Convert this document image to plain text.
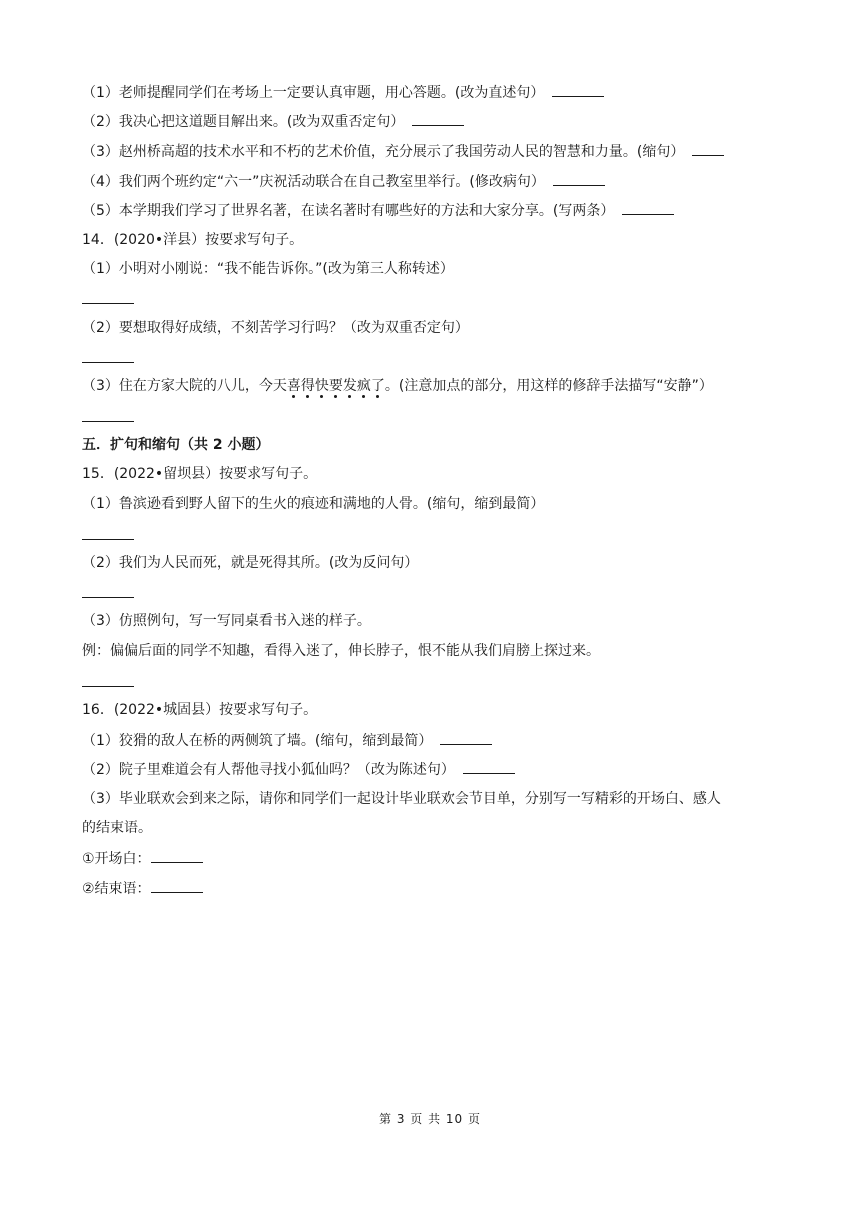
（1）老师提醒同学们在考场上一定要认真审题，用心答题。(改为直述句）
（2）我决心把这道题目解出来。(改为双重否定句）
（3）赵州桥高超的技术水平和不朽的艺术价值，充分展示了我国劳动人民的智慧和力量。(缩句）
（4）我们两个班约定“六一”庆祝活动联合在自己教室里举行。(修改病句）
（5）本学期我们学习了世界名著，在读名著时有哪些好的方法和大家分享。(写两条）
14．(2020•洋县）按要求写句子。
（1）小明对小刚说：“我不能告诉你。”(改为第三人称转述）
（2）要想取得好成绩，不刻苦学习行吗？（改为双重否定句）
（3）住在方家大院的八儿，今天喜得快要发疯了。(注意加点的部分，用这样的修辞手法描写“安静”）
五．扩句和缩句（共 2 小题）
15．(2022•留坝县）按要求写句子。
（1）鲁滨逊看到野人留下的生火的痕迹和满地的人骨。(缩句，缩到最简）
（2）我们为人民而死，就是死得其所。(改为反问句）
（3）仿照例句，写一写同桌看书入迷的样子。
例：偏偏后面的同学不知趣，看得入迷了，伸长脖子，恨不能从我们肩膀上探过来。
16．(2022•城固县）按要求写句子。
（1）狡猾的敌人在桥的两侧筑了墙。(缩句，缩到最简）
（2）院子里难道会有人帮他寻找小狐仙吗？（改为陈述句）
（3）毕业联欢会到来之际，请你和同学们一起设计毕业联欢会节目单，分别写一写精彩的开场白、感人
的结束语。
①开场白：
②结束语：
第 3 页 共 10 页
